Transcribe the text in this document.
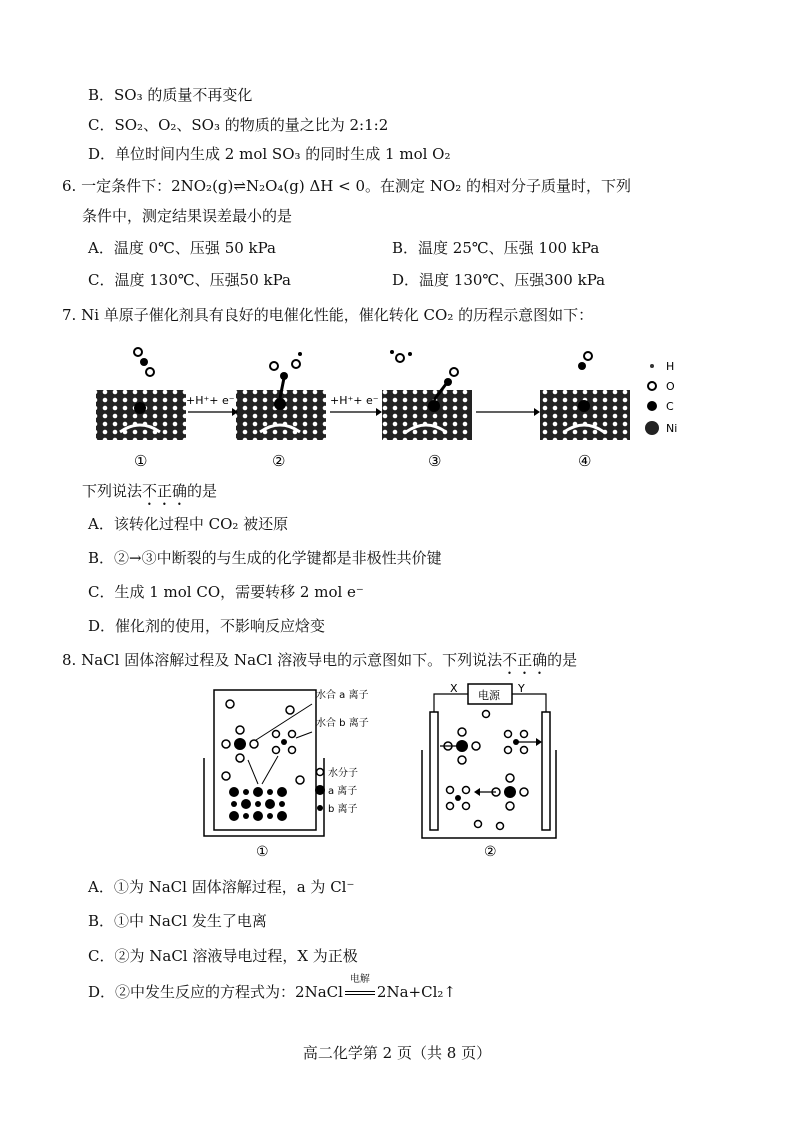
B．SO₃ 的质量不再变化
C．SO₂、O₂、SO₃ 的物质的量之比为 2:1:2
D．单位时间内生成 2 mol SO₃ 的同时生成 1 mol O₂
6. 一定条件下：2NO₂(g)⇌N₂O₄(g) ΔH < 0。在测定 NO₂ 的相对分子质量时，下列
条件中，测定结果误差最小的是
A．温度 0℃、压强 50 kPa	B．温度 25℃、压强 100 kPa
C．温度 130℃、压强50 kPa	D．温度 130℃、压强300 kPa
7. Ni 单原子催化剂具有良好的电催化性能，催化转化 CO₂ 的历程示意图如下：
+H⁺+ e⁻	+H⁺+ e⁻
①	②	③	④
H
O
C
Ni
下列说法不正确的是
A．该转化过程中 CO₂ 被还原
B．②→③中断裂的与生成的化学键都是非极性共价键
C．生成 1 mol CO，需要转移 2 mol e⁻
D．催化剂的使用，不影响反应焓变
8. NaCl 固体溶解过程及 NaCl 溶液导电的示意图如下。下列说法不正确的是
水合 a 离子
水合 b 离子
水分子
a 离子
b 离子
①
电源
X	Y
②
A．①为 NaCl 固体溶解过程，a 为 Cl⁻
B．①中 NaCl 发生了电离
C．②为 NaCl 溶液导电过程，X 为正极
D．②中发生反应的方程式为：2NaCl
电解
2Na+Cl₂↑
高二化学第 2 页（共 8 页）
